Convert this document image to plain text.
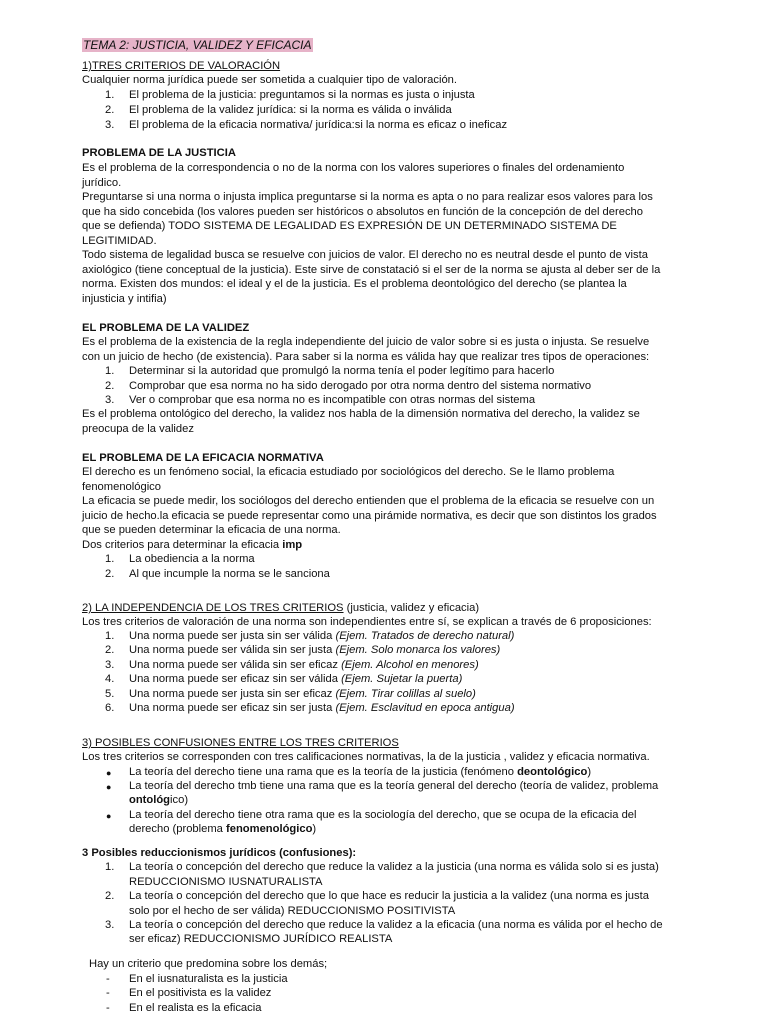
TEMA 2: JUSTICIA, VALIDEZ Y EFICACIA
1)TRES CRITERIOS DE VALORACIÓN
Cualquier norma jurídica puede ser sometida a cualquier tipo de valoración.
1. El problema de la justicia: preguntamos si la normas es justa o injusta
2. El problema de la validez jurídica: si la norma es válida o inválida
3. El problema de la eficacia normativa/ jurídica:si la norma es eficaz o ineficaz
PROBLEMA DE LA JUSTICIA
Es el problema de la correspondencia o no de la norma con los valores superiores o finales del ordenamiento
jurídico.
Preguntarse si una norma o injusta implica preguntarse si la norma es apta o no para realizar esos valores para los
que ha sido concebida (los valores pueden ser históricos o absolutos en función de la concepción de del derecho
que se defienda) TODO SISTEMA DE LEGALIDAD ES EXPRESIÓN DE UN DETERMINADO SISTEMA DE
LEGITIMIDAD.
Todo sistema de legalidad busca se resuelve con juicios de valor. El derecho no es neutral desde el punto de vista
axiológico (tiene conceptual de la justicia). Este sirve de constatació si el ser de la norma se ajusta al deber ser de la
norma. Existen dos mundos: el ideal y el de la justicia. Es el problema deontológico del derecho (se plantea la
injusticia y intifia)
EL PROBLEMA DE LA VALIDEZ
Es el problema de la existencia de la regla independiente del juicio de valor sobre si es justa o injusta. Se resuelve
con un juicio de hecho (de existencia). Para saber si la norma es válida hay que realizar tres tipos de operaciones:
1. Determinar si la autoridad que promulgó la norma tenía el poder legítimo para hacerlo
2. Comprobar que esa norma no ha sido derogado por otra norma dentro del sistema normativo
3. Ver o comprobar que esa norma no es incompatible con otras normas del sistema
Es el problema ontológico del derecho, la validez nos habla de la dimensión normativa del derecho, la validez se
preocupa de la validez
EL PROBLEMA DE LA EFICACIA NORMATIVA
El derecho es un fenómeno social, la eficacia estudiado por sociológicos del derecho. Se le llamo problema
fenomenológico
La eficacia se puede medir, los sociólogos del derecho entienden que el problema de la eficacia se resuelve con un
juicio de hecho.la eficacia se puede representar como una pirámide normativa, es decir que son distintos los grados
que se pueden determinar la eficacia de una norma.
Dos criterios para determinar la eficacia imp
1. La obediencia a la norma
2. Al que incumple la norma se le sanciona
2) LA INDEPENDENCIA DE LOS TRES CRITERIOS (justicia, validez y eficacia)
Los tres criterios de valoración de una norma son independientes entre sí, se explican a través de 6 proposiciones:
1. Una norma puede ser justa sin ser válida (Ejem. Tratados de derecho natural)
2. Una norma puede ser válida sin ser justa (Ejem. Solo monarca los valores)
3. Una norma puede ser válida sin ser eficaz (Ejem. Alcohol en menores)
4. Una norma puede ser eficaz sin ser válida (Ejem. Sujetar la puerta)
5. Una norma puede ser justa sin ser eficaz (Ejem. Tirar colillas al suelo)
6. Una norma puede ser eficaz sin ser justa (Ejem. Esclavitud en epoca antigua)
3) POSIBLES CONFUSIONES ENTRE LOS TRES CRITERIOS
Los tres criterios se corresponden con tres calificaciones normativas, la de la justicia , validez y eficacia normativa.
● La teoría del derecho tiene una rama que es la teoría de la justicia (fenómeno deontológico)
● La teoría del derecho tmb tiene una rama que es la teoría general del derecho (teoría de validez, problema
ontológico)
● La teoría del derecho tiene otra rama que es la sociología del derecho, que se ocupa de la eficacia del
derecho (problema fenomenológico)
3 Posibles reduccionismos jurídicos (confusiones):
1. La teoría o concepción del derecho que reduce la validez a la justicia (una norma es válida solo si es justa)
REDUCCIONISMO IUSNATURALISTA
2. La teoría o concepción del derecho que lo que hace es reducir la justicia a la validez (una norma es justa
solo por el hecho de ser válida) REDUCCIONISMO POSITIVISTA
3. La teoría o concepción del derecho que reduce la validez a la eficacia (una norma es válida por el hecho de
ser eficaz) REDUCCIONISMO JURÍDICO REALISTA
Hay un criterio que predomina sobre los demás;
- En el iusnaturalista es la justicia
- En el positivista es la validez
- En el realista es la eficacia
